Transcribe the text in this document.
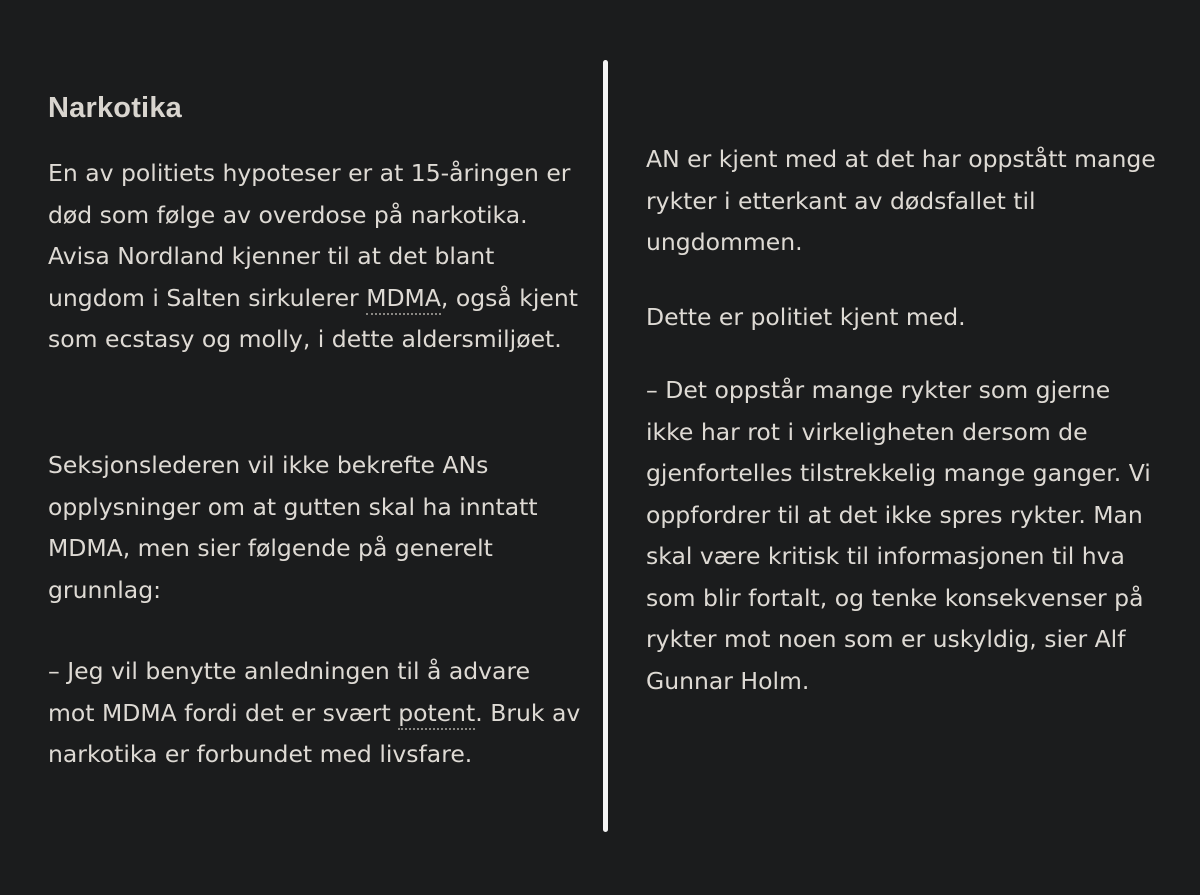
Narkotika

En av politiets hypoteser er at 15-åringen er død som følge av overdose på narkotika. Avisa Nordland kjenner til at det blant ungdom i Salten sirkulerer MDMA, også kjent som ecstasy og molly, i dette aldersmiljøet.

Seksjonslederen vil ikke bekrefte ANs opplysninger om at gutten skal ha inntatt MDMA, men sier følgende på generelt grunnlag:

– Jeg vil benytte anledningen til å advare mot MDMA fordi det er svært potent. Bruk av narkotika er forbundet med livsfare.

AN er kjent med at det har oppstått mange rykter i etterkant av dødsfallet til ungdommen.

Dette er politiet kjent med.

– Det oppstår mange rykter som gjerne ikke har rot i virkeligheten dersom de gjenfortelles tilstrekkelig mange ganger. Vi oppfordrer til at det ikke spres rykter. Man skal være kritisk til informasjonen til hva som blir fortalt, og tenke konsekvenser på rykter mot noen som er uskyldig, sier Alf Gunnar Holm.
